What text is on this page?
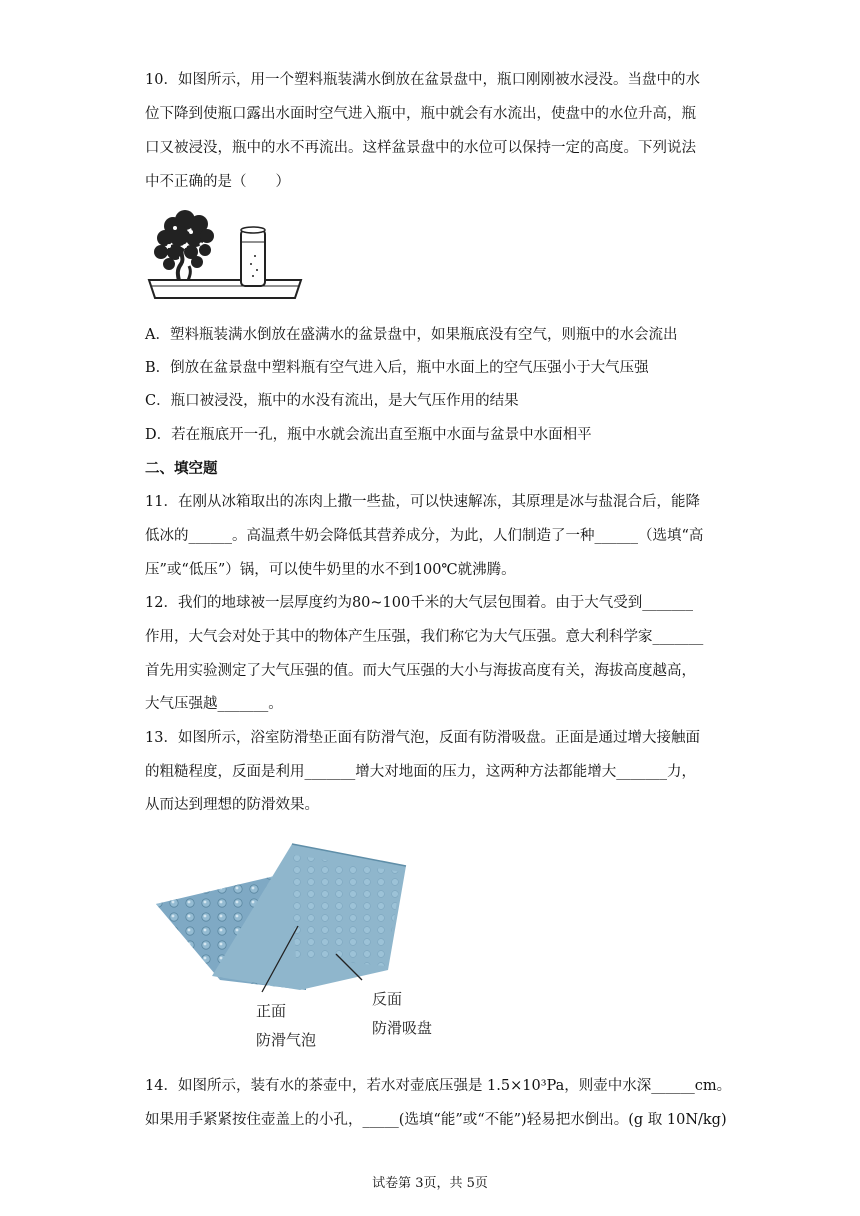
10．如图所示，用一个塑料瓶装满水倒放在盆景盘中，瓶口刚刚被水浸没。当盘中的水
位下降到使瓶口露出水面时空气进入瓶中，瓶中就会有水流出，使盘中的水位升高，瓶
口又被浸没，瓶中的水不再流出。这样盆景盘中的水位可以保持一定的高度。下列说法
中不正确的是（　　）
A．塑料瓶装满水倒放在盛满水的盆景盘中，如果瓶底没有空气，则瓶中的水会流出
B．倒放在盆景盘中塑料瓶有空气进入后，瓶中水面上的空气压强小于大气压强
C．瓶口被浸没，瓶中的水没有流出，是大气压作用的结果
D．若在瓶底开一孔，瓶中水就会流出直至瓶中水面与盆景中水面相平
二、填空题
11．在刚从冰箱取出的冻肉上撒一些盐，可以快速解冻，其原理是冰与盐混合后，能降
低冰的______。高温煮牛奶会降低其营养成分，为此，人们制造了一种______（选填“高
压”或“低压”）锅，可以使牛奶里的水不到100℃就沸腾。
12．我们的地球被一层厚度约为80~100千米的大气层包围着。由于大气受到_______
作用，大气会对处于其中的物体产生压强，我们称它为大气压强。意大利科学家_______
首先用实验测定了大气压强的值。而大气压强的大小与海拔高度有关，海拔高度越高，
大气压强越_______。
13．如图所示，浴室防滑垫正面有防滑气泡，反面有防滑吸盘。正面是通过增大接触面
的粗糙程度，反面是利用_______增大对地面的压力，这两种方法都能增大_______力，
从而达到理想的防滑效果。
正面
防滑气泡
反面
防滑吸盘
14．如图所示，装有水的茶壶中，若水对壶底压强是 1.5×10³Pa，则壶中水深______cm。
如果用手紧紧按住壶盖上的小孔，_____(选填“能”或“不能”)轻易把水倒出。(g 取 10N/kg)
试卷第 3页，共 5页
